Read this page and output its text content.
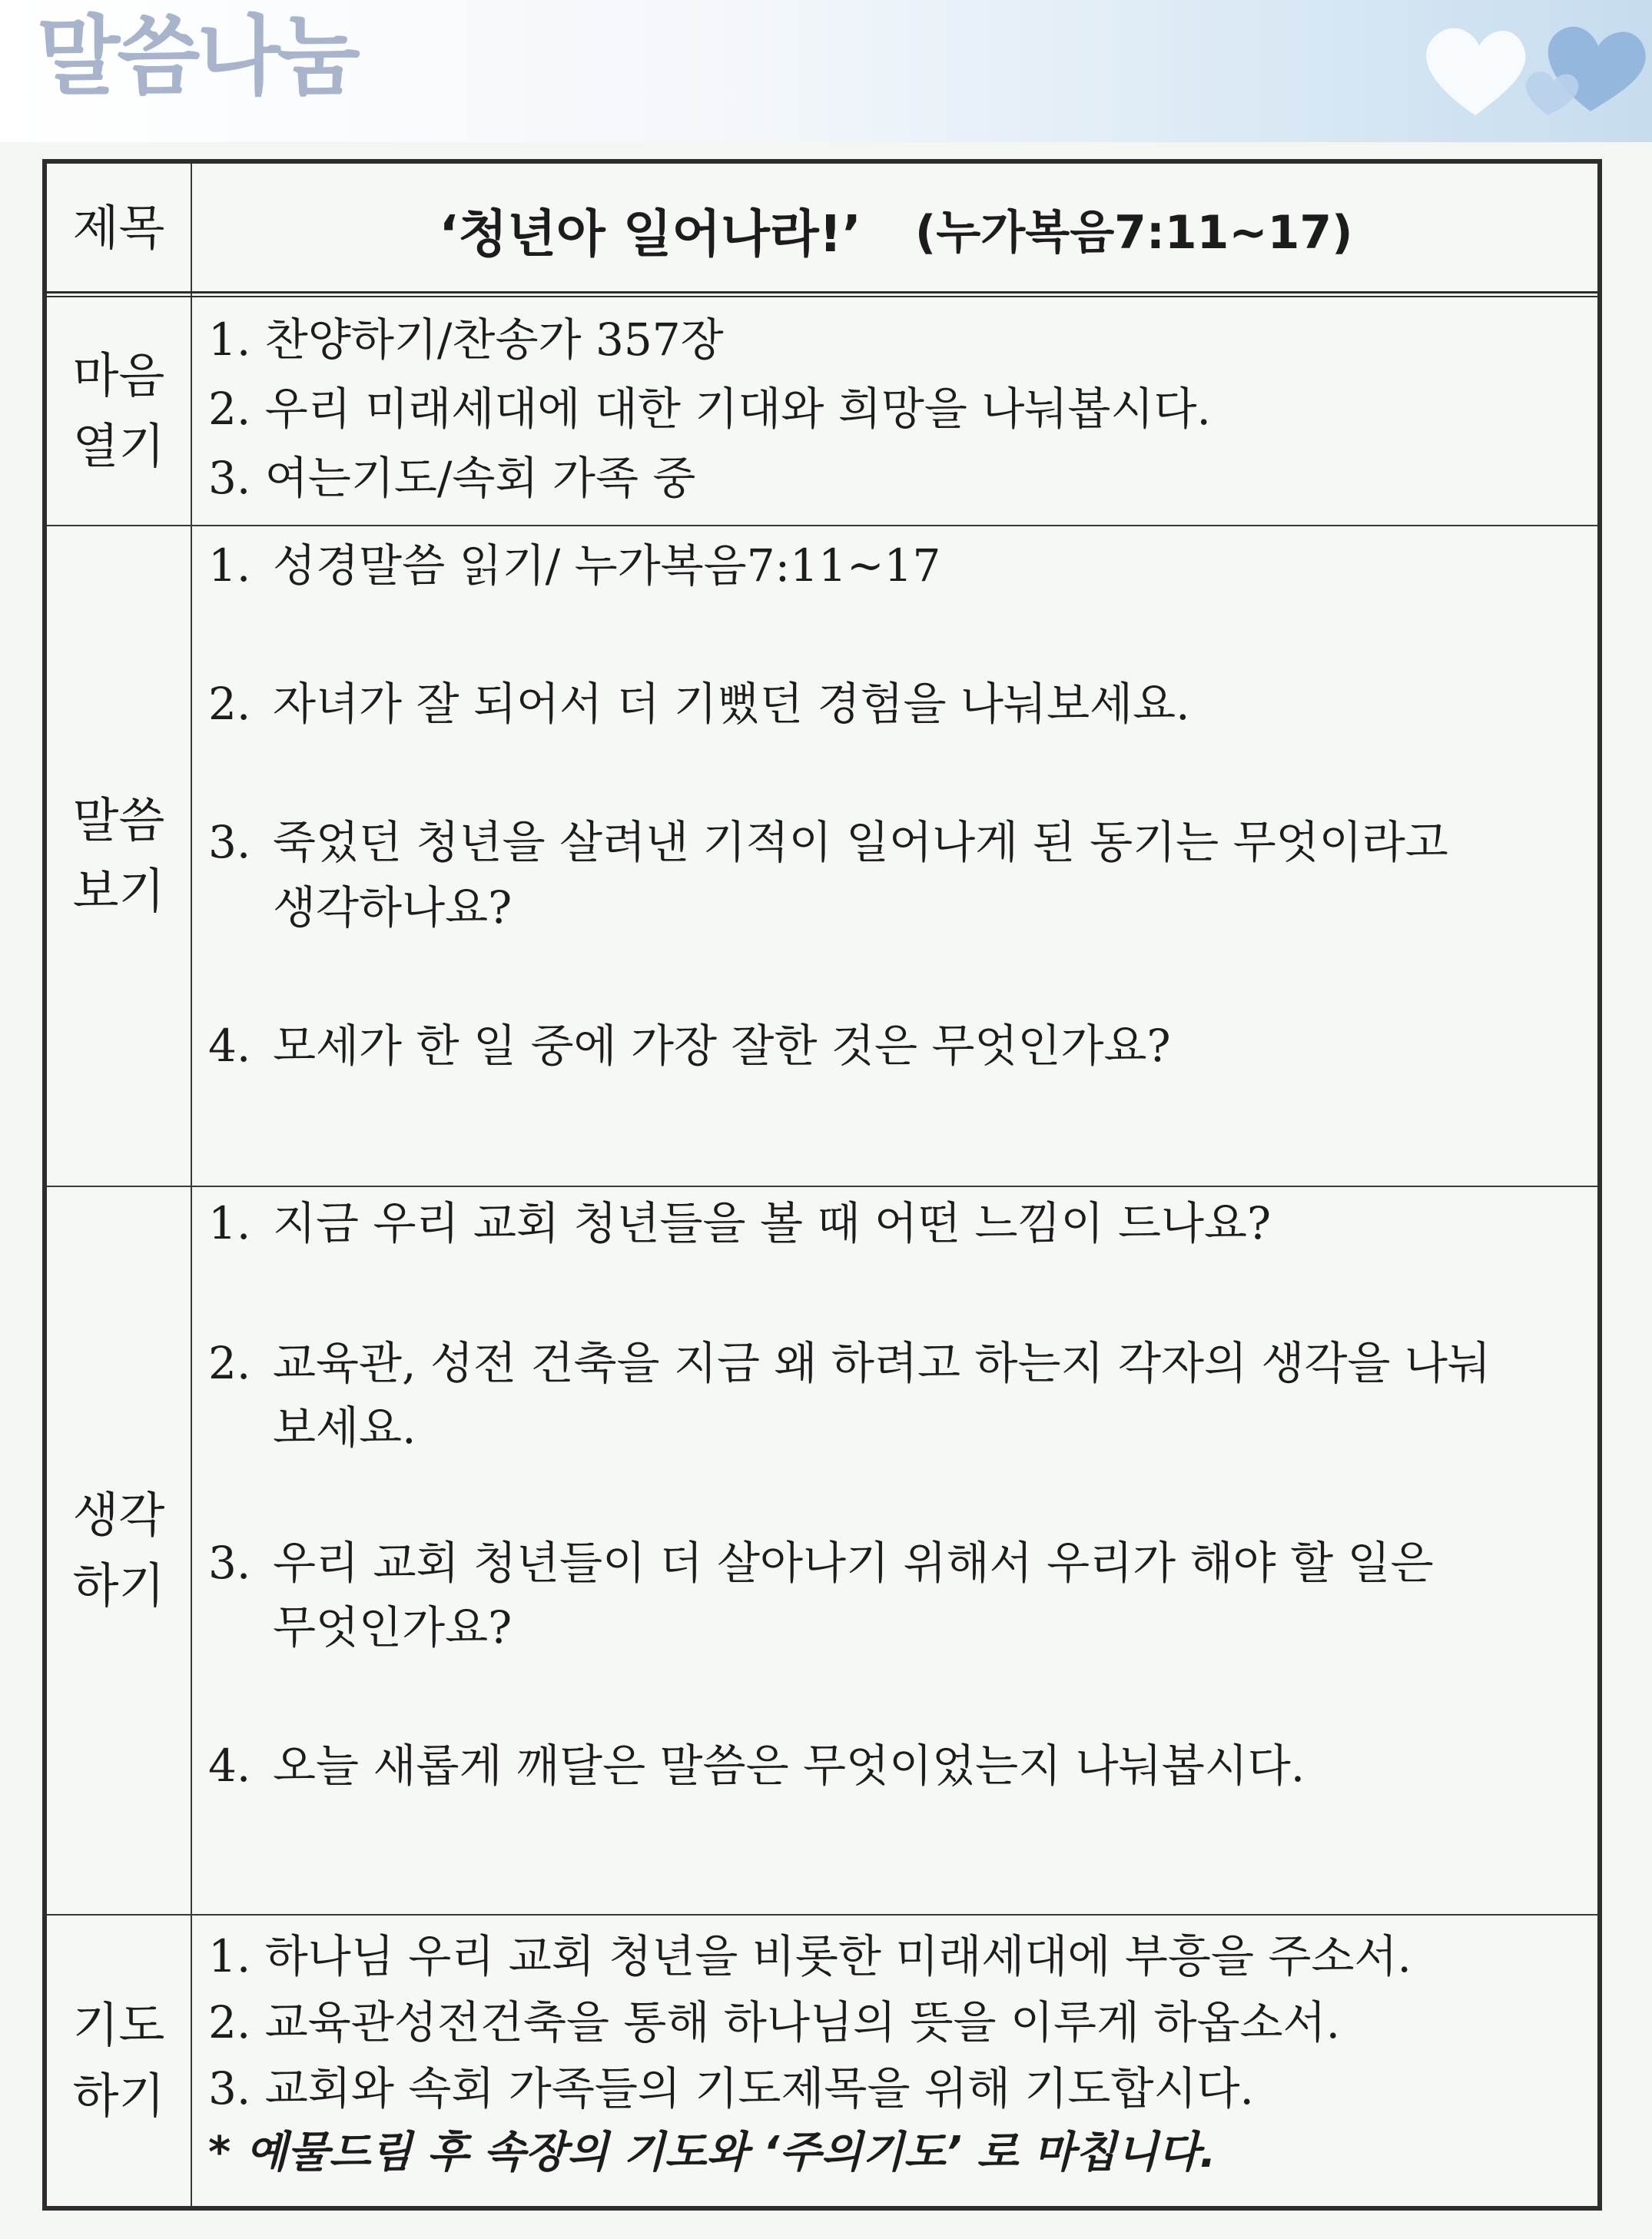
말씀나눔
제목	‘청년아 일어나라!’ (누가복음7:11~17)
마음
열기
1. 찬양하기/찬송가 357장
2. 우리 미래세대에 대한 기대와 희망을 나눠봅시다.
3. 여는기도/속회 가족 중
말씀
보기
1. 성경말씀 읽기/ 누가복음7:11~17
2. 자녀가 잘 되어서 더 기뻤던 경험을 나눠보세요.
3. 죽었던 청년을 살려낸 기적이 일어나게 된 동기는 무엇이라고
생각하나요?
4. 모세가 한 일 중에 가장 잘한 것은 무엇인가요?
생각
하기
1. 지금 우리 교회 청년들을 볼 때 어떤 느낌이 드나요?
2. 교육관, 성전 건축을 지금 왜 하려고 하는지 각자의 생각을 나눠
보세요.
3. 우리 교회 청년들이 더 살아나기 위해서 우리가 해야 할 일은
무엇인가요?
4. 오늘 새롭게 깨달은 말씀은 무엇이었는지 나눠봅시다.
기도
하기
1. 하나님 우리 교회 청년을 비롯한 미래세대에 부흥을 주소서.
2. 교육관성전건축을 통해 하나님의 뜻을 이루게 하옵소서.
3. 교회와 속회 가족들의 기도제목을 위해 기도합시다.
* 예물드림 후 속장의 기도와 ‘주의기도’ 로 마칩니다.
